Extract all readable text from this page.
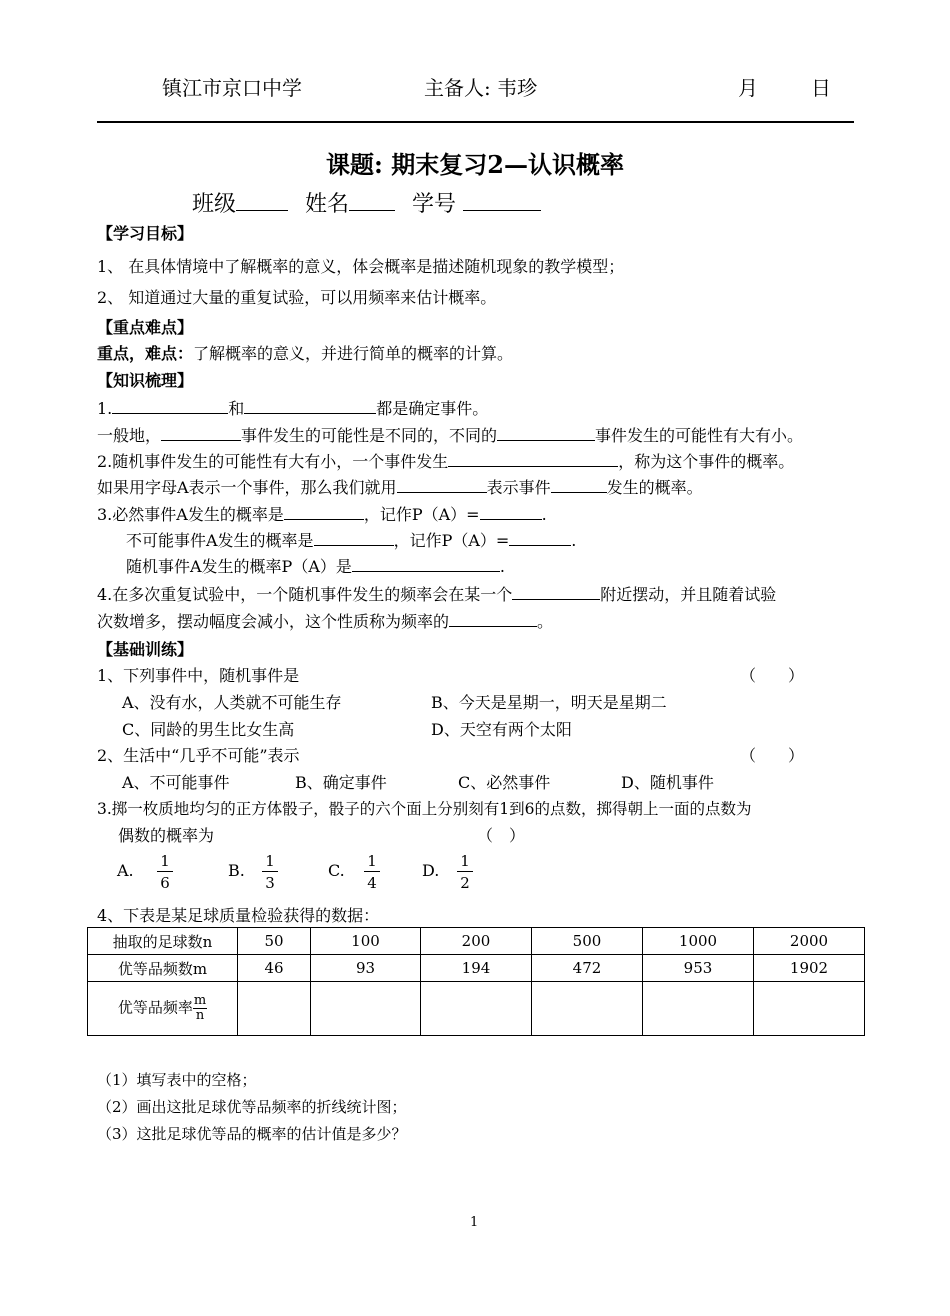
镇江市京口中学	主备人: 韦珍	月	日
课题: 期末复习2—认识概率
班级	姓名	学号
【学习目标】
1、 在具体情境中了解概率的意义，体会概率是描述随机现象的教学模型；
2、 知道通过大量的重复试验，可以用频率来估计概率。
【重点难点】
重点，难点：了解概率的意义，并进行简单的概率的计算。
【知识梳理】
1.	和	都是确定事件。
一般地，	事件发生的可能性是不同的，不同的	事件发生的可能性有大有小。
2.随机事件发生的可能性有大有小，一个事件发生	，称为这个事件的概率。
如果用字母A表示一个事件，那么我们就用	表示事件	发生的概率。
3.必然事件A发生的概率是	，记作P（A）=	.
不可能事件A发生的概率是	，记作P（A）=	.
随机事件A发生的概率P（A）是	.
4.在多次重复试验中，一个随机事件发生的频率会在某一个	附近摆动，并且随着试验
次数增多，摆动幅度会减小，这个性质称为频率的	。
【基础训练】
1、下列事件中，随机事件是	（　　）
A、没有水，人类就不可能生存	B、今天是星期一，明天是星期二
C、同龄的男生比女生高	D、天空有两个太阳
2、生活中“几乎不可能”表示	（　　）
A、不可能事件	B、确定事件	C、必然事件	D、随机事件
3.掷一枚质地均匀的正方体骰子，骰子的六个面上分别刻有1到6的点数，掷得朝上一面的点数为
偶数的概率为	（　）
A. $\frac{1}{6}$	B. $\frac{1}{3}$	C. $\frac{1}{4}$	D. $\frac{1}{2}$
4、下表是某足球质量检验获得的数据：
抽取的足球数n	50	100	200	500	1000	2000
优等品频数m	46	93	194	472	953	1902
优等品频率 $\frac{m}{n}$

（1）填写表中的空格；
（2）画出这批足球优等品频率的折线统计图；
（3）这批足球优等品的概率的估计值是多少？
1
